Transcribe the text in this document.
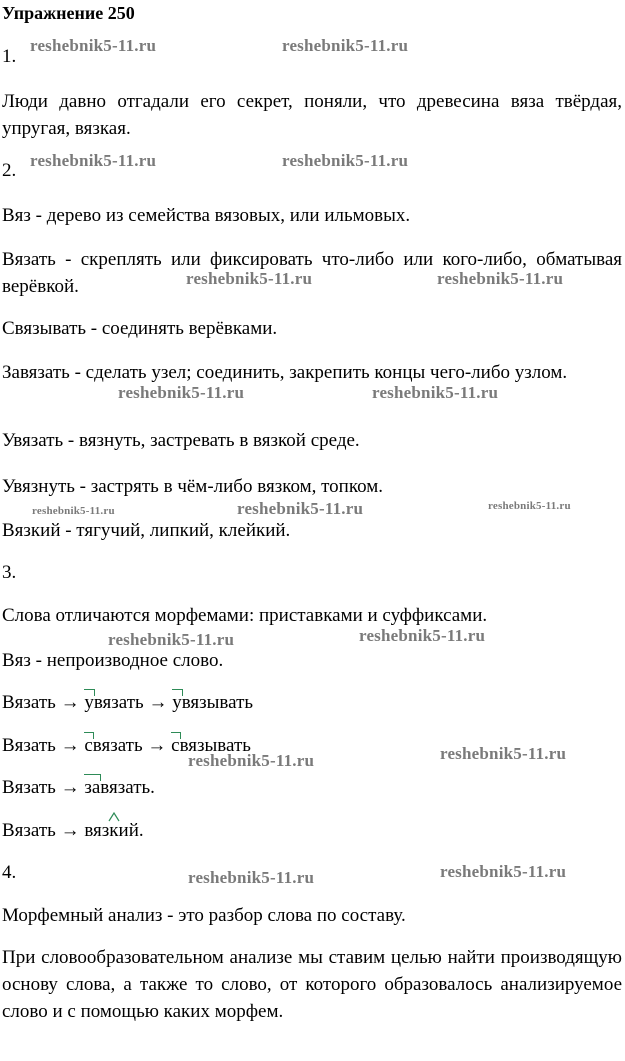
Упражнение 250
1.
Люди давно отгадали его секрет, поняли, что древесина вяза твёрдая, упругая, вязкая.
2.
Вяз - дерево из семейства вязовых, или ильмовых.
Вязать - скреплять или фиксировать что-либо или кого-либо, обматывая верёвкой.
Связывать - соединять верёвками.
Завязать - сделать узел; соединить, закрепить концы чего-либо узлом.
Увязать - вязнуть, застревать в вязкой среде.
Увязнуть - застрять в чём-либо вязком, топком.
Вязкий - тягучий, липкий, клейкий.
3.
Слова отличаются морфемами: приставками и суффиксами.
Вяз - непроизводное слово.
Вязать → увязать → увязывать
Вязать → связать → связывать
Вязать → завязать.
Вязать → вяз
кий.
4.
Морфемный анализ - это разбор слова по составу.
При словообразовательном анализе мы ставим целью найти производящую основу слова, а также то слово, от которого образовалось анализируемое слово и с помощью каких морфем.
reshebnik5-11.ru	reshebnik5-11.ru
reshebnik5-11.ru	reshebnik5-11.ru
reshebnik5-11.ru	reshebnik5-11.ru
reshebnik5-11.ru	reshebnik5-11.ru
reshebnik5-11.ru	reshebnik5-11.ru	reshebnik5-11.ru
reshebnik5-11.ru	reshebnik5-11.ru
reshebnik5-11.ru
reshebnik5-11.ru
reshebnik5-11.ru
reshebnik5-11.ru
